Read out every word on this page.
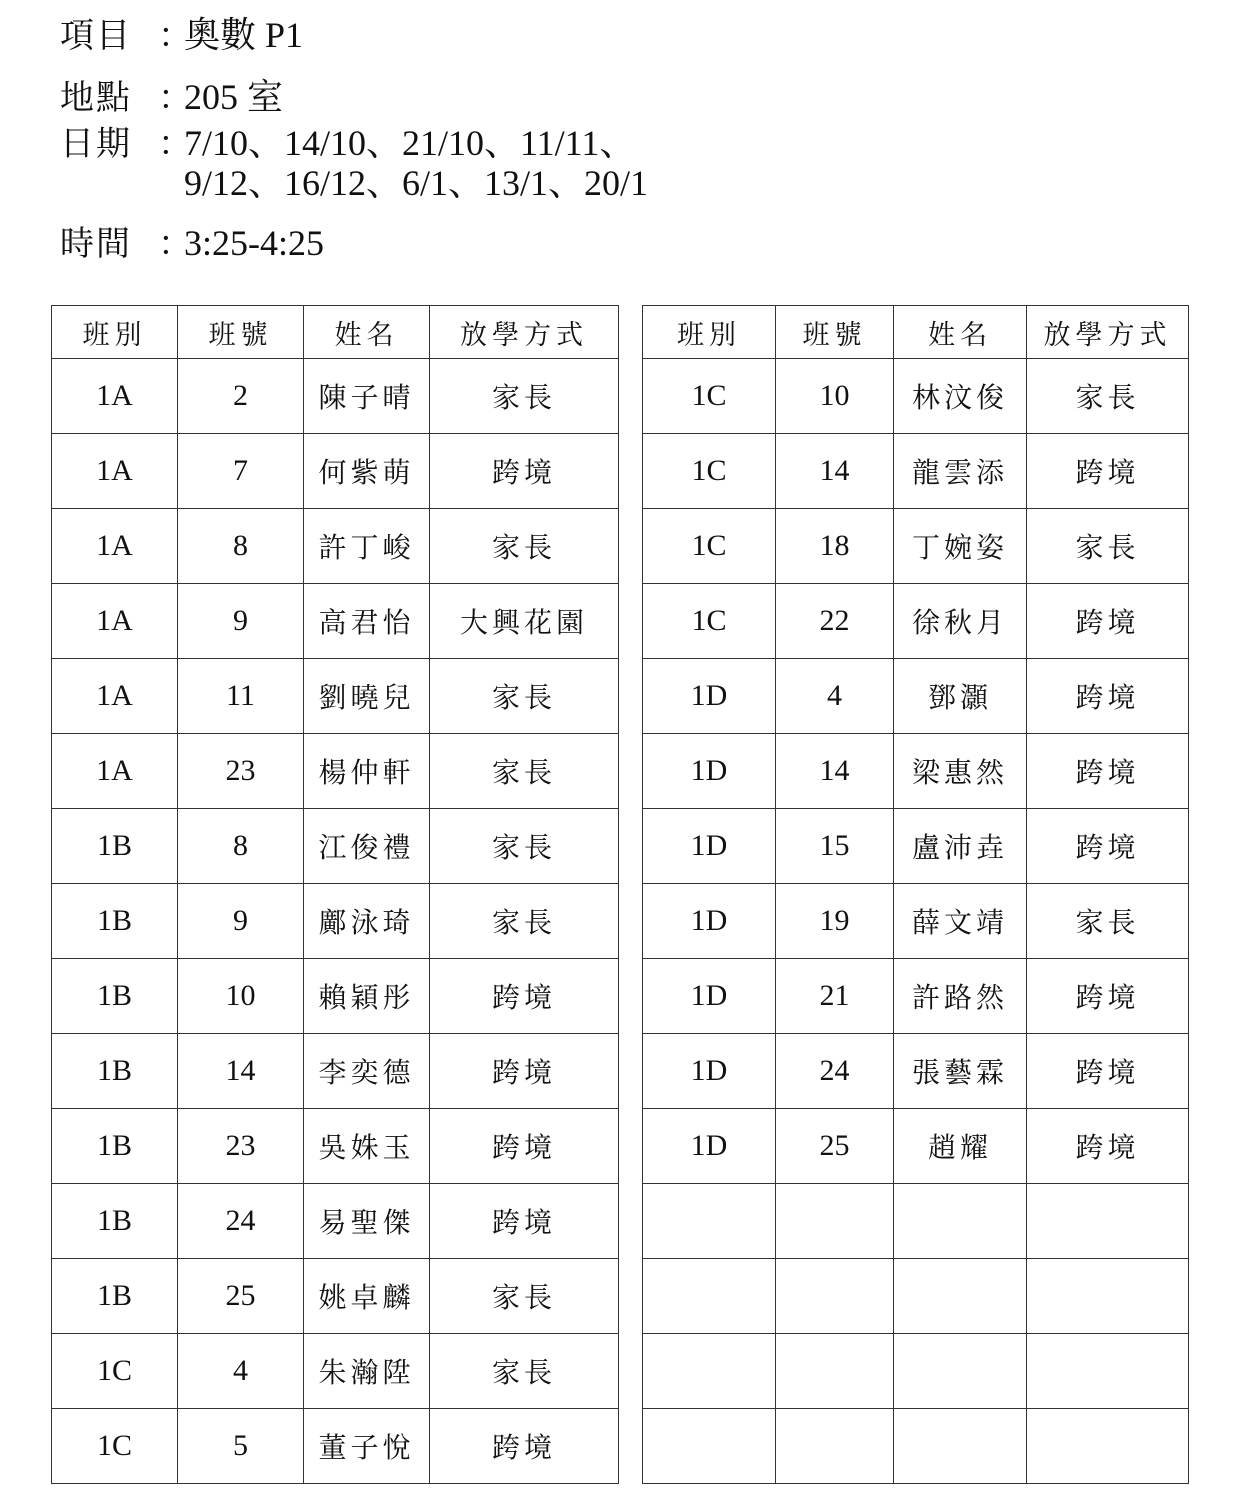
項目 ：奧數 P1
地點 ：205 室
日期 ：7/10、14/10、21/10、11/11、
9/12、16/12、6/1、13/1、20/1
時間 ：3:25-4:25
班別	班號	姓名	放學方式
1A	2	陳子晴	家長
1A	7	何紫萌	跨境
1A	8	許丁峻	家長
1A	9	高君怡	大興花園
1A	11	劉曉兒	家長
1A	23	楊仲軒	家長
1B	8	江俊禮	家長
1B	9	鄺泳琦	家長
1B	10	賴穎彤	跨境
1B	14	李奕德	跨境
1B	23	吳姝玉	跨境
1B	24	易聖傑	跨境
1B	25	姚卓麟	家長
1C	4	朱瀚陞	家長
1C	5	董子悅	跨境
班別	班號	姓名	放學方式
1C	10	林汶俊	家長
1C	14	龍雲添	跨境
1C	18	丁婉姿	家長
1C	22	徐秋月	跨境
1D	4	鄧灝	跨境
1D	14	梁惠然	跨境
1D	15	盧沛垚	跨境
1D	19	薛文靖	家長
1D	21	許路然	跨境
1D	24	張藝霖	跨境
1D	25	趙耀	跨境
